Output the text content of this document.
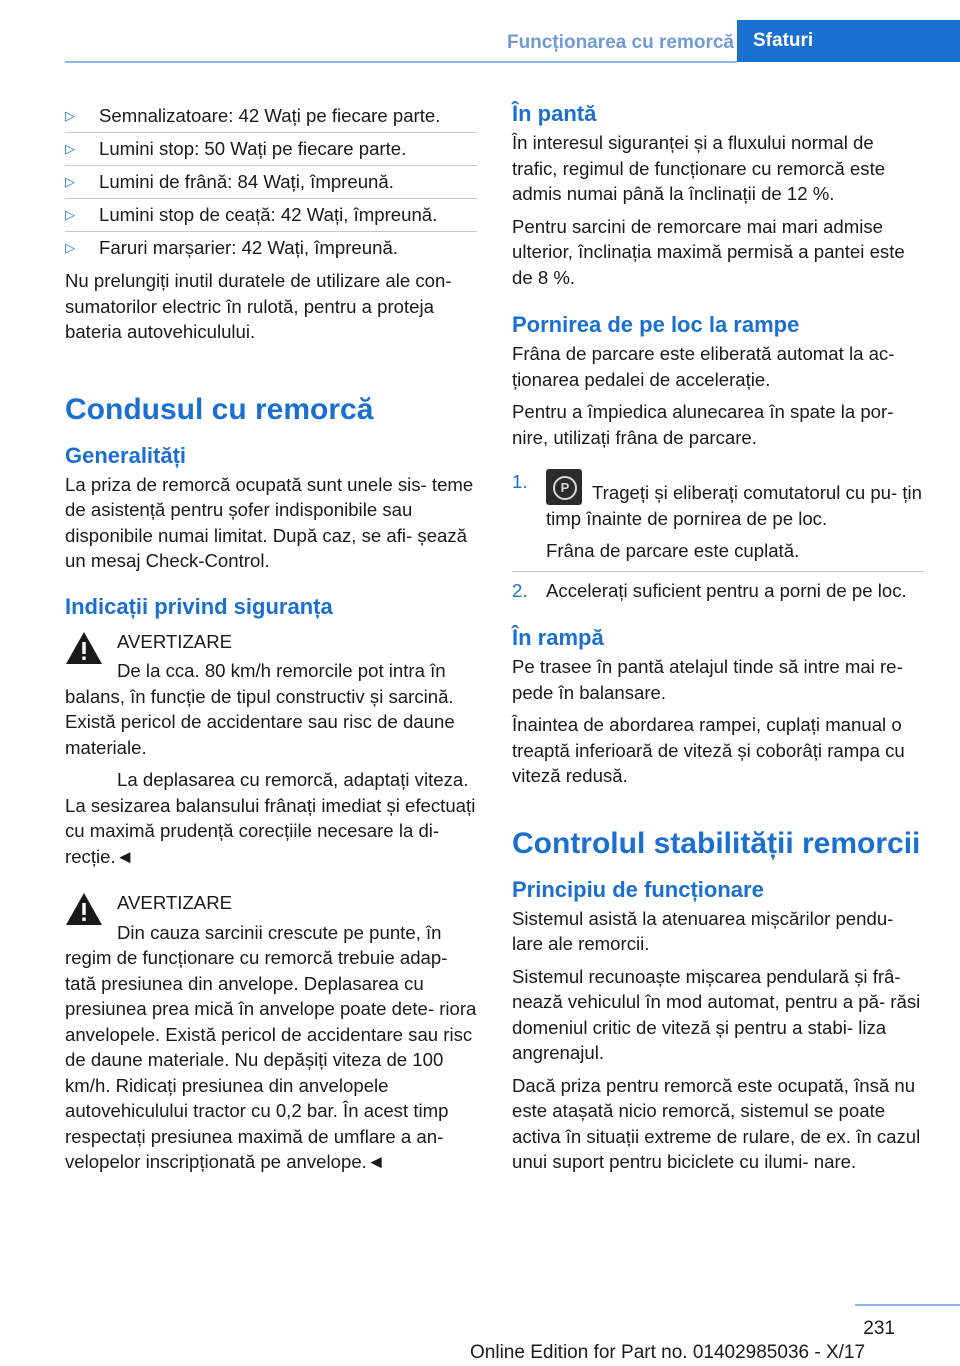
Funcționarea cu remorcă	Sfaturi
▷ Semnalizatoare: 42 Wați pe fiecare parte.
▷ Lumini stop: 50 Wați pe fiecare parte.
▷ Lumini de frână: 84 Wați, împreună.
▷ Lumini stop de ceață: 42 Wați, împreună.
▷ Faruri marșarier: 42 Wați, împreună.

Nu prelungiți inutil duratele de utilizare ale con- sumatorilor electric în rulotă, pentru a proteja bateria autovehiculului.

Condusul cu remorcă
Generalități

La priza de remorcă ocupată sunt unele sis- teme de asistență pentru șofer indisponibile sau disponibile numai limitat. După caz, se afi- șează un mesaj Check-Control.

Indicații privind siguranța

AVERTIZARE

De la cca. 80 km/h remorcile pot intra în balans, în funcție de tipul constructiv și sarcină. Există pericol de accidentare sau risc de daune materiale.

La deplasarea cu remorcă, adaptați viteza. La sesizarea balansului frânați imediat și efectuați cu maximă prudență corecțiile necesare la di- recție.◄

AVERTIZARE

Din cauza sarcinii crescute pe punte, în regim de funcționare cu remorcă trebuie adap- tată presiunea din anvelope. Deplasarea cu presiunea prea mică în anvelope poate dete- riora anvelopele. Există pericol de accidentare sau risc de daune materiale. Nu depășiți viteza de 100 km/h. Ridicați presiunea din anvelopele autovehiculului tractor cu 0,2 bar. În acest timp respectați presiunea maximă de umflare a an- velopelor inscripționată pe anvelope.◄

În pantă

În interesul siguranței și a fluxului normal de trafic, regimul de funcționare cu remorcă este admis numai până la înclinații de 12 %.

Pentru sarcini de remorcare mai mari admise ulterior, înclinația maximă permisă a pantei este de 8 %.

Pornirea de pe loc la rampe

Frâna de parcare este eliberată automat la ac- ționarea pedalei de accelerație.

Pentru a împiedica alunecarea în spate la por- nire, utilizați frâna de parcare.

1.	P	Trageți și eliberați comutatorul cu pu- țin timp înainte de pornirea de pe loc.

Frâna de parcare este cuplată.

2. Accelerați suficient pentru a porni de pe loc.

În rampă

Pe trasee în pantă atelajul tinde să intre mai re- pede în balansare.

Înaintea de abordarea rampei, cuplați manual o treaptă inferioară de viteză și coborâți rampa cu viteză redusă.

Controlul stabilității remorcii
Principiu de funcționare

Sistemul asistă la atenuarea mișcărilor pendu- lare ale remorcii.

Sistemul recunoaște mișcarea pendulară și frâ- nează vehiculul în mod automat, pentru a pă- răsi domeniul critic de viteză și pentru a stabi- liza angrenajul.

Dacă priza pentru remorcă este ocupată, însă nu este atașată nicio remorcă, sistemul se poate activa în situații extreme de rulare, de ex. în cazul unui suport pentru biciclete cu ilumi- nare.

231
Online Edition for Part no. 01402985036 - X/17
